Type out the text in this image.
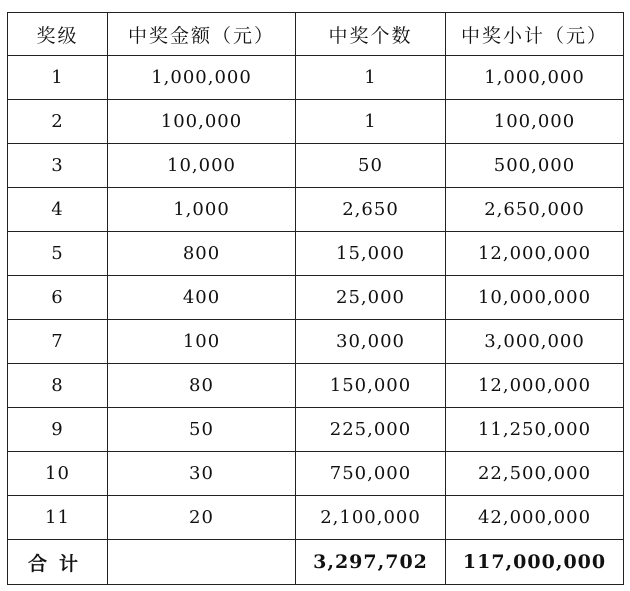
奖级	中奖金额（元）	中奖个数	中奖小计（元）
1	1,000,000	1	1,000,000
2	100,000	1	100,000
3	10,000	50	500,000
4	1,000	2,650	2,650,000
5	800	15,000	12,000,000
6	400	25,000	10,000,000
7	100	30,000	3,000,000
8	80	150,000	12,000,000
9	50	225,000	11,250,000
10	30	750,000	22,500,000
11	20	2,100,000	42,000,000
合计		3,297,702	117,000,000
